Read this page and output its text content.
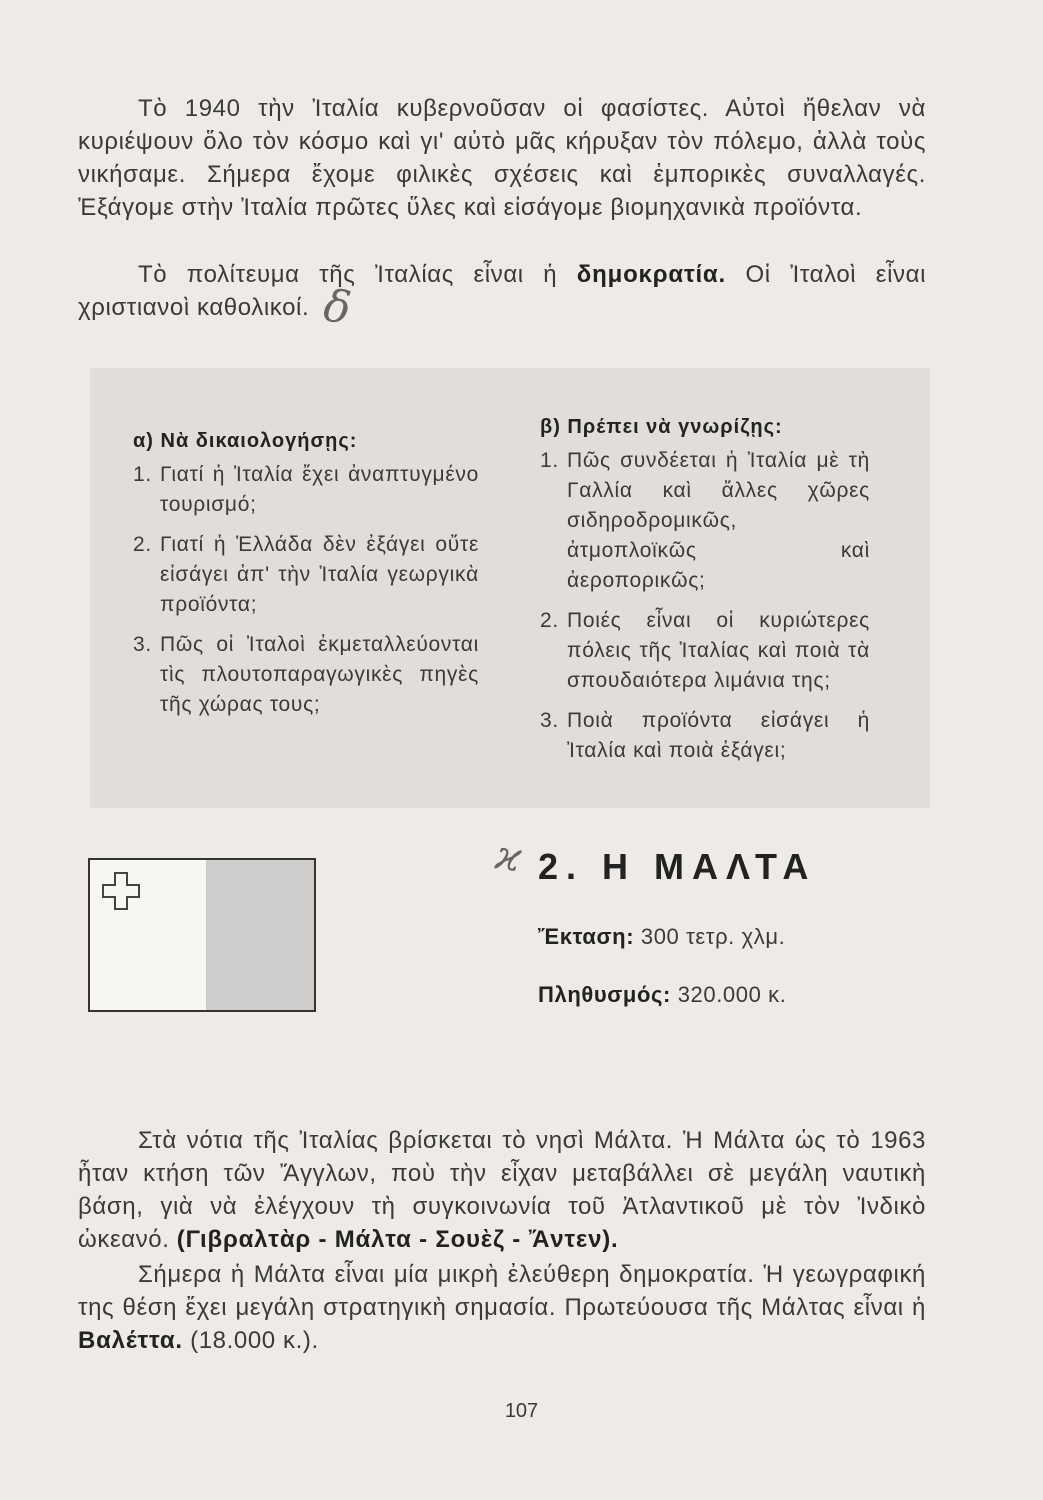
Τὸ 1940 τὴν Ἰταλία κυβερνοῦσαν οἱ φασίστες. Αὐτοὶ ἤθελαν νὰ κυριέψουν ὅλο τὸν κόσμο καὶ γι' αὐτὸ μᾶς κήρυξαν τὸν πόλεμο, ἀλλὰ τοὺς νικήσαμε. Σήμερα ἔχομε φιλικὲς σχέσεις καὶ ἐμπορικὲς συναλλαγές. Ἐξάγομε στὴν Ἰταλία πρῶτες ὕλες καὶ εἰσάγομε βιομηχανικὰ προϊόντα.

Τὸ πολίτευμα τῆς Ἰταλίας εἶναι ἡ δημοκρατία. Οἱ Ἰταλοὶ εἶναι χριστιανοὶ καθολικοί. δ
α) Νὰ δικαιολογήσῃς:
1. Γιατί ἡ Ἰταλία ἔχει ἀναπτυγμένο τουρισμό;
2. Γιατί ἡ Ἑλλάδα δὲν ἐξάγει οὔτε εἰσάγει ἀπ' τὴν Ἰταλία γεωργικὰ προϊόντα;
3. Πῶς οἱ Ἰταλοὶ ἐκμεταλλεύονται τὶς πλουτοπαραγωγικὲς πηγὲς τῆς χώρας τους;
β) Πρέπει νὰ γνωρίζῃς:
1. Πῶς συνδέεται ἡ Ἰταλία μὲ τὴ Γαλλία καὶ ἄλλες χῶρες σιδηροδρομικῶς, ἀτμοπλοϊκῶς καὶ ἀεροπορικῶς;
2. Ποιές εἶναι οἱ κυριώτερες πόλεις τῆς Ἰταλίας καὶ ποιὰ τὰ σπουδαιότερα λιμάνια της;
3. Ποιὰ προϊόντα εἰσάγει ἡ Ἰταλία καὶ ποιὰ ἐξάγει;
ϰ 2. Η ΜΑΛΤΑ
Ἔκταση: 300 τετρ. χλμ.
Πληθυσμός: 320.000 κ.

Στὰ νότια τῆς Ἰταλίας βρίσκεται τὸ νησὶ Μάλτα. Ἡ Μάλτα ὡς τὸ 1963 ἦταν κτήση τῶν Ἄγγλων, ποὺ τὴν εἶχαν μεταβάλλει σὲ μεγάλη ναυτικὴ βάση, γιὰ νὰ ἐλέγχουν τὴ συγκοινωνία τοῦ Ἀτλαντικοῦ μὲ τὸν Ἰνδικὸ ὠκεανό. (Γιβραλτὰρ - Μάλτα - Σουὲζ - Ἄντεν).

Σήμερα ἡ Μάλτα εἶναι μία μικρὴ ἐλεύθερη δημοκρατία. Ἡ γεωγραφική της θέση ἔχει μεγάλη στρατηγικὴ σημασία. Πρωτεύουσα τῆς Μάλτας εἶναι ἡ Βαλέττα. (18.000 κ.).

107
